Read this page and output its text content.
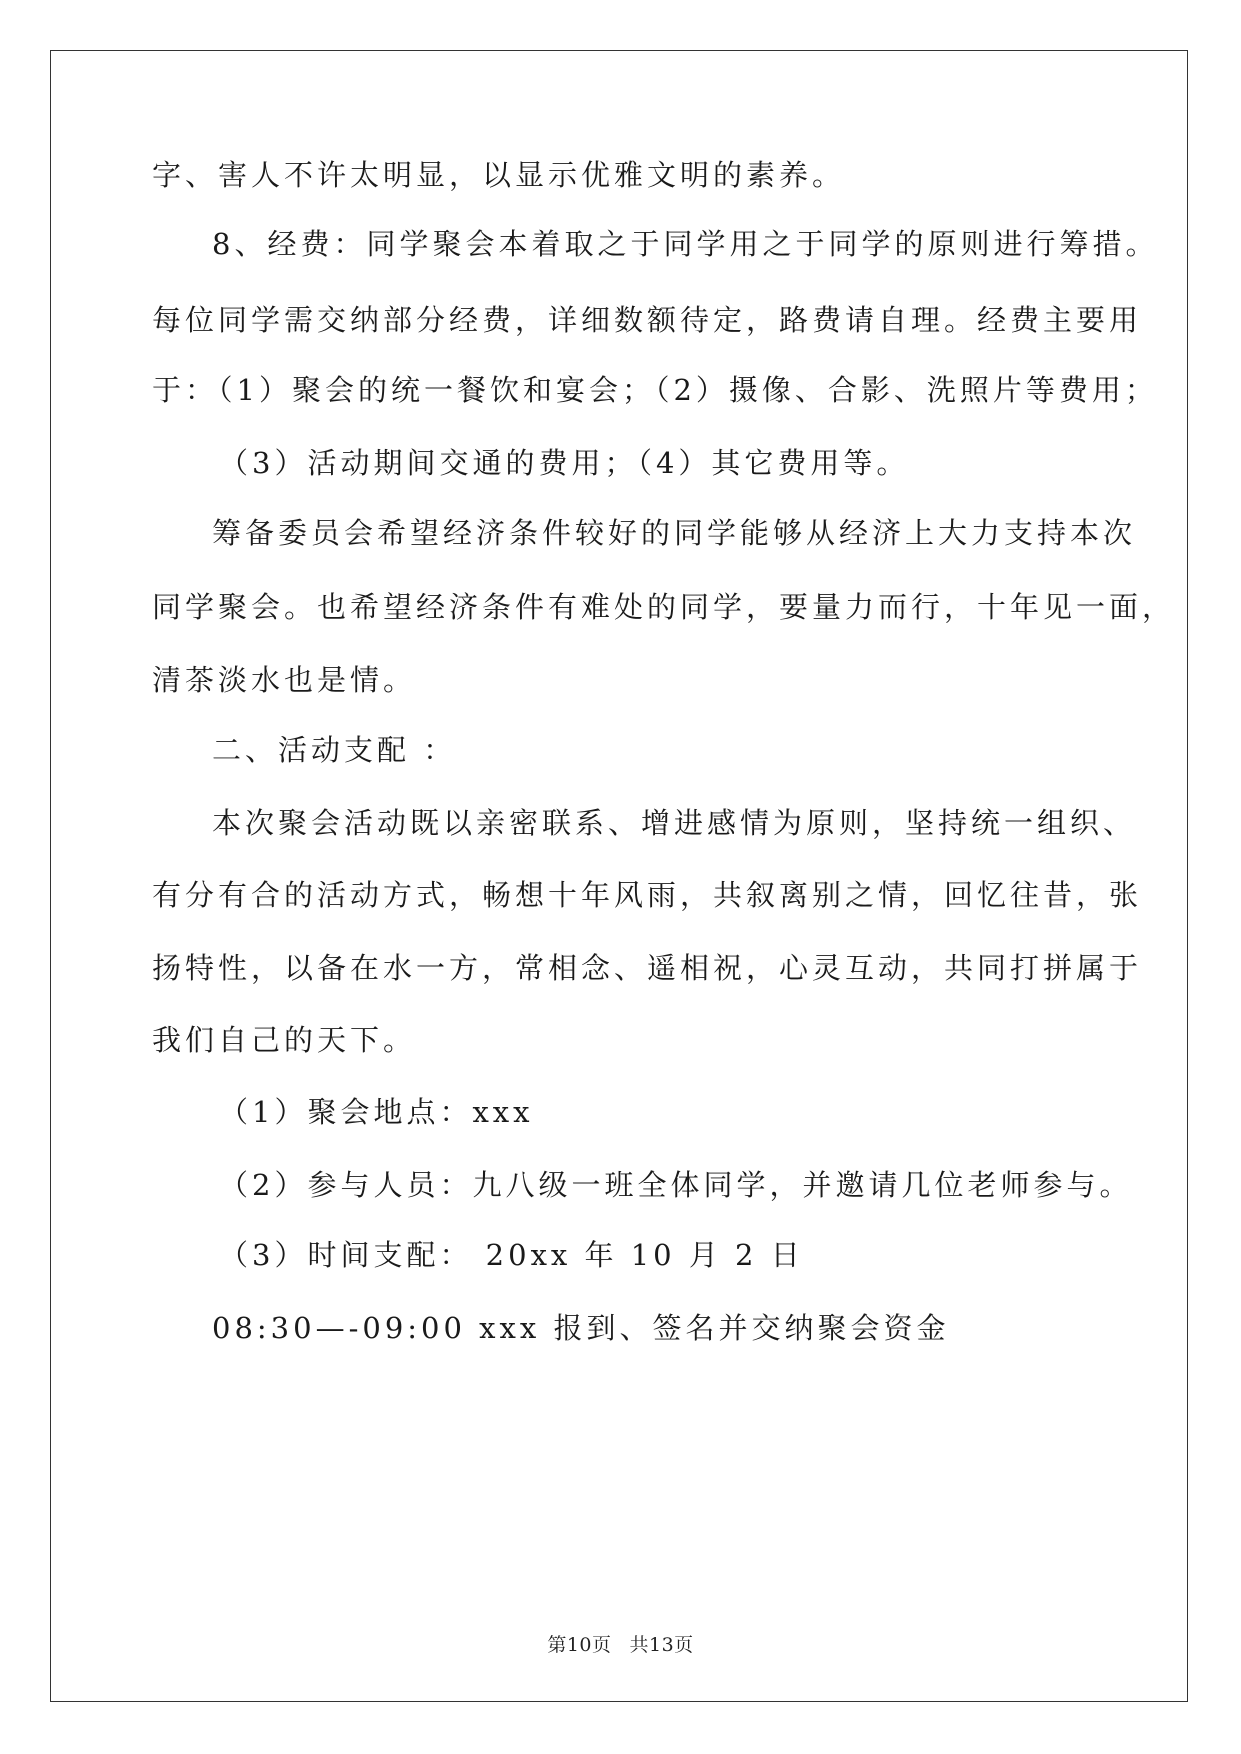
字、害人不许太明显，以显示优雅文明的素养。
8、经费：同学聚会本着取之于同学用之于同学的原则进行筹措。
每位同学需交纳部分经费，详细数额待定，路费请自理。经费主要用
于：（1）聚会的统一餐饮和宴会；（2）摄像、合影、洗照片等费用；
（3）活动期间交通的费用；（4）其它费用等。
筹备委员会希望经济条件较好的同学能够从经济上大力支持本次
同学聚会。也希望经济条件有难处的同学，要量力而行，十年见一面，
清茶淡水也是情。
二、活动支配 ：
本次聚会活动既以亲密联系、增进感情为原则，坚持统一组织、
有分有合的活动方式，畅想十年风雨，共叙离别之情，回忆往昔，张
扬特性，以备在水一方，常相念、遥相祝，心灵互动，共同打拼属于
我们自己的天下。
（1）聚会地点：xxx
（2）参与人员：九八级一班全体同学，并邀请几位老师参与。
（3）时间支配： 20xx 年 10 月 2 日
08:30—-09:00 xxx 报到、签名并交纳聚会资金
第10页 共13页
